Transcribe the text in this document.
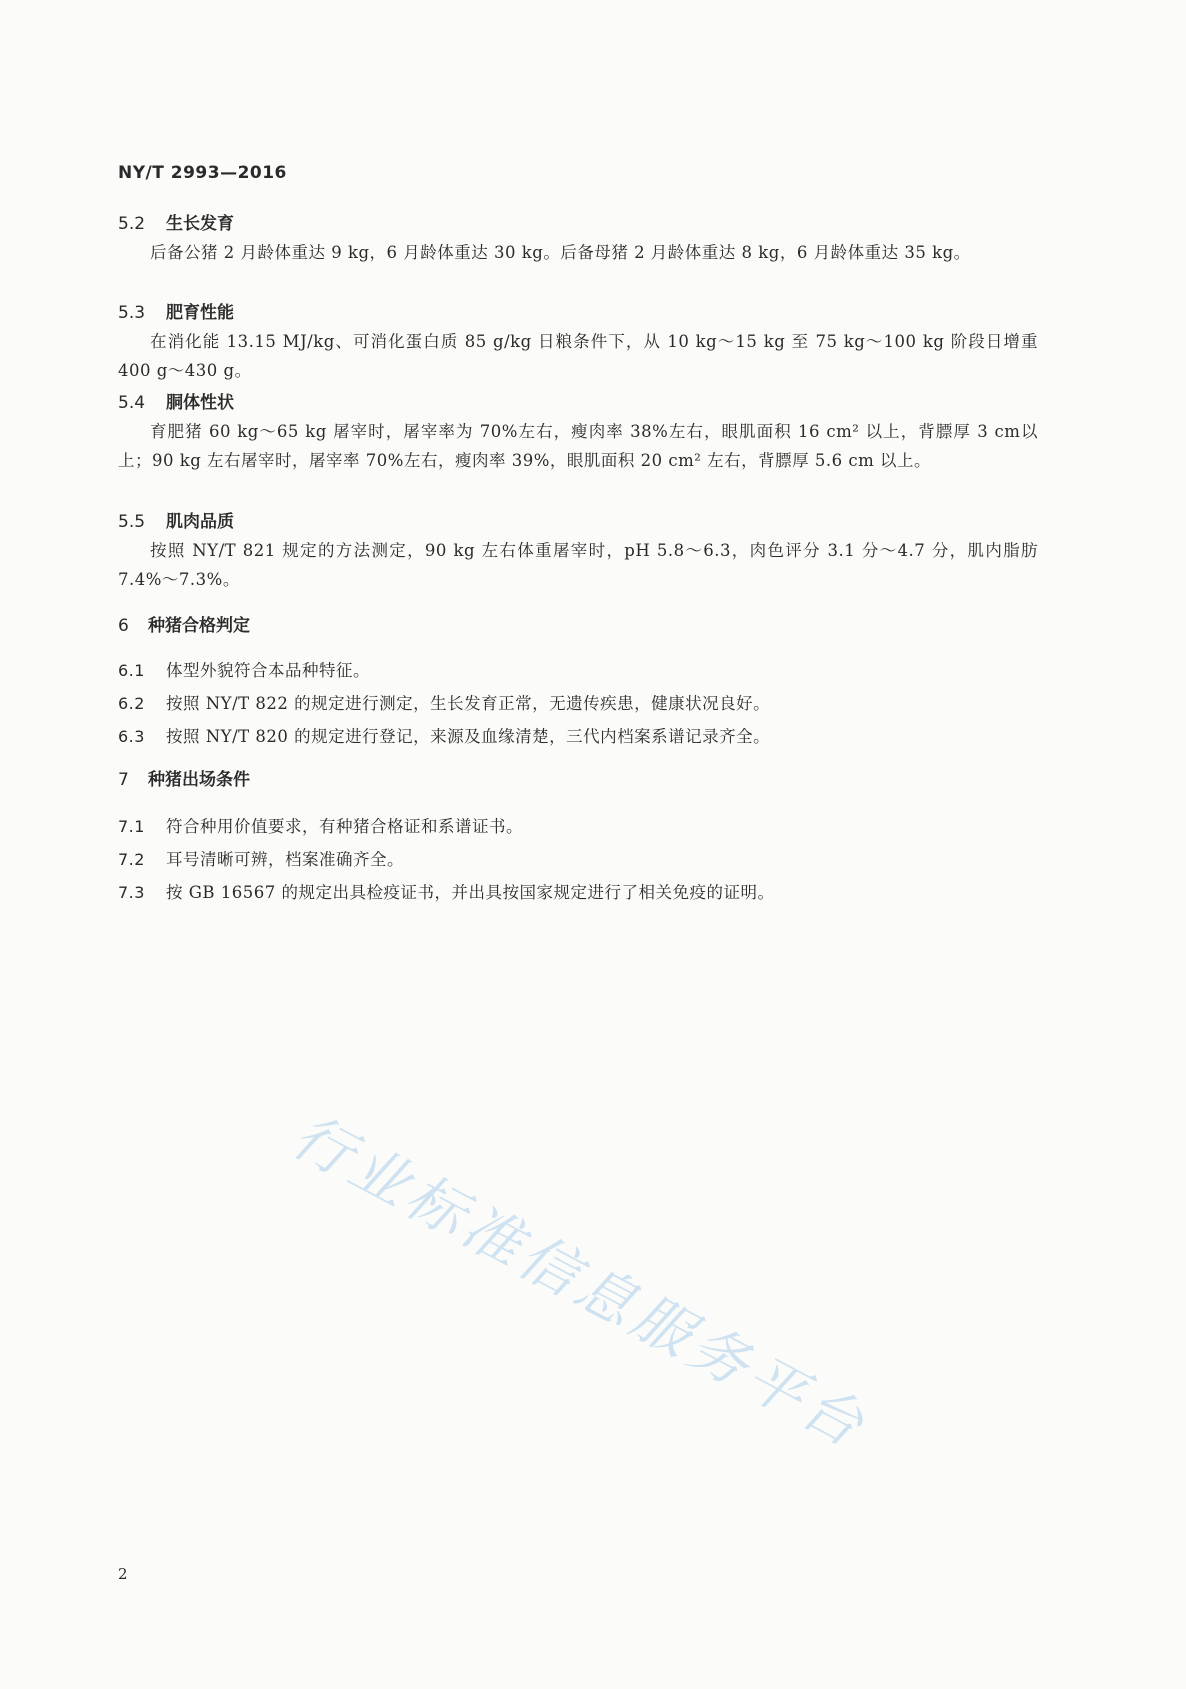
NY/T 2993—2016
5.2 生长发育
后备公猪 2 月龄体重达 9 kg，6 月龄体重达 30 kg。后备母猪 2 月龄体重达 8 kg，6 月龄体重达 35 kg。
5.3 肥育性能
在消化能 13.15 MJ/kg、可消化蛋白质 85 g/kg 日粮条件下，从 10 kg～15 kg 至 75 kg～100 kg 阶段日增重 400 g～430 g。
5.4 胴体性状
育肥猪 60 kg～65 kg 屠宰时，屠宰率为 70%左右，瘦肉率 38%左右，眼肌面积 16 cm² 以上，背膘厚 3 cm以上；90 kg 左右屠宰时，屠宰率 70%左右，瘦肉率 39%，眼肌面积 20 cm² 左右，背膘厚 5.6 cm 以上。
5.5 肌肉品质
按照 NY/T 821 规定的方法测定，90 kg 左右体重屠宰时，pH 5.8～6.3，肉色评分 3.1 分～4.7 分，肌内脂肪 7.4%～7.3%。
6 种猪合格判定
6.1 体型外貌符合本品种特征。
6.2 按照 NY/T 822 的规定进行测定，生长发育正常，无遗传疾患，健康状况良好。
6.3 按照 NY/T 820 的规定进行登记，来源及血缘清楚，三代内档案系谱记录齐全。
7 种猪出场条件
7.1 符合种用价值要求，有种猪合格证和系谱证书。
7.2 耳号清晰可辨，档案准确齐全。
7.3 按 GB 16567 的规定出具检疫证书，并出具按国家规定进行了相关免疫的证明。
行业标准信息服务平台
2
